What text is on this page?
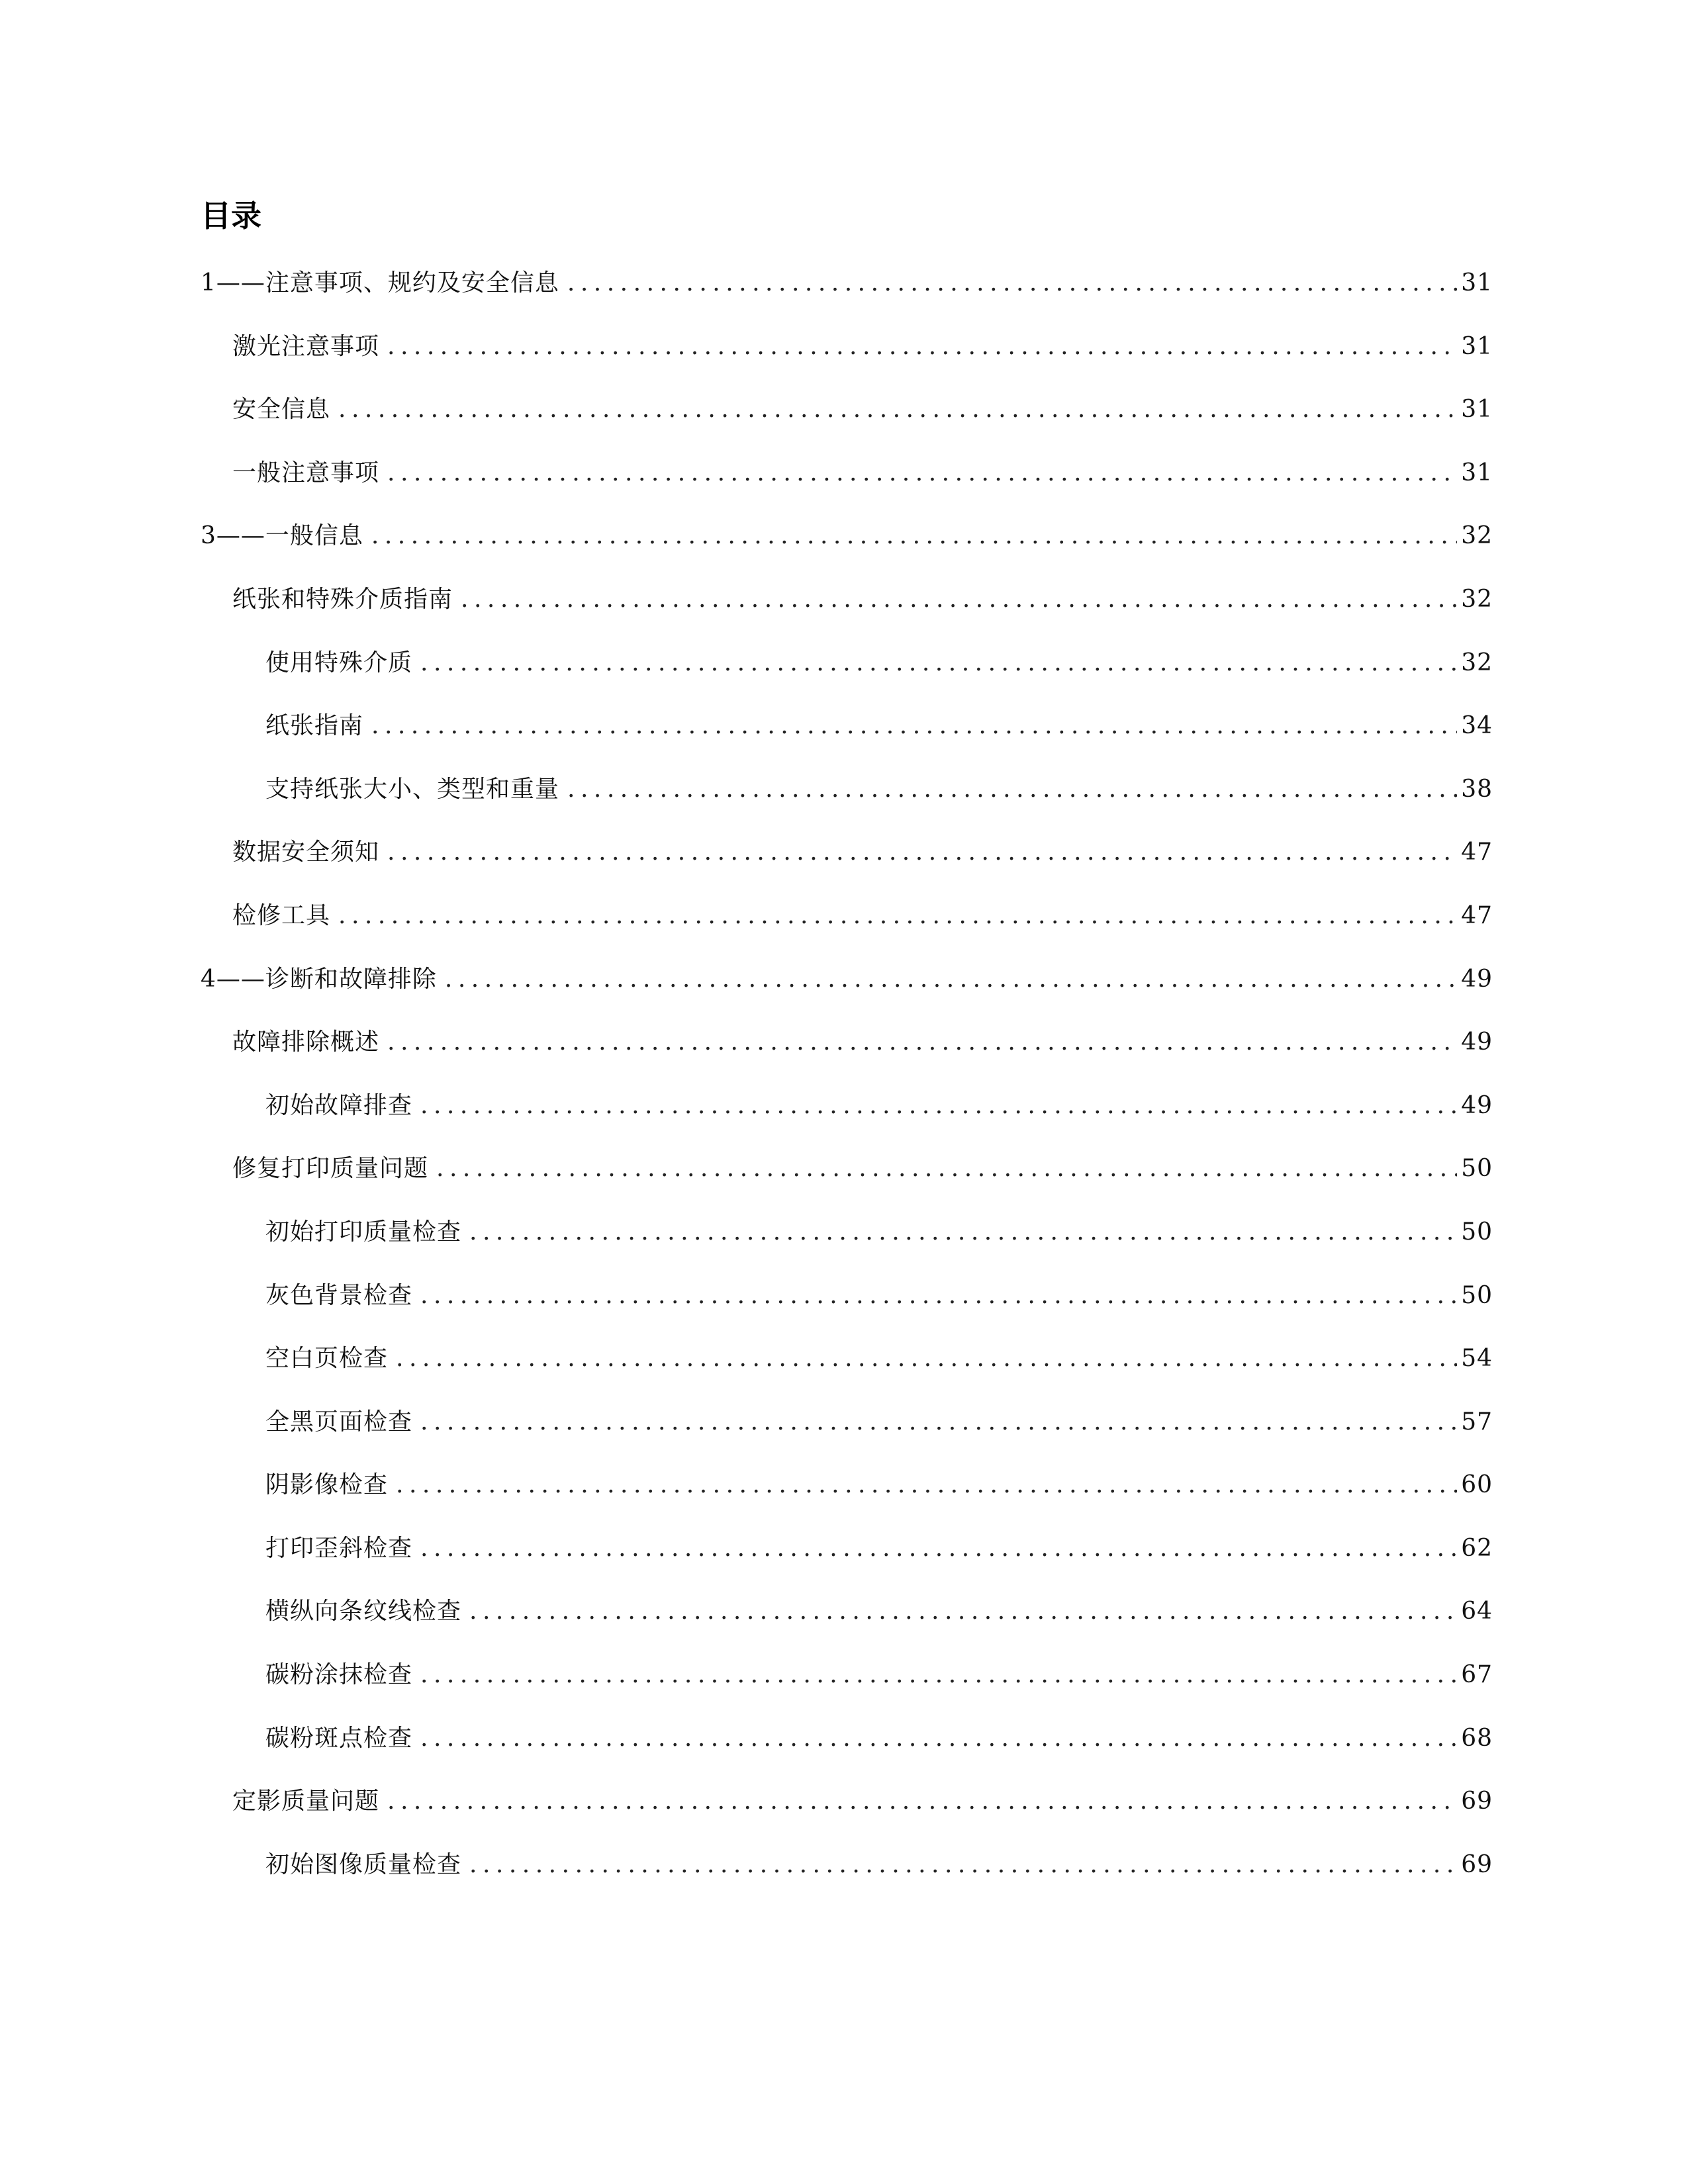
目录
1——注意事项、规约及安全信息 .....	31
激光注意事项 .....	31
安全信息 .....	31
一般注意事项 .....	31
3——一般信息 .....	32
纸张和特殊介质指南 .....	32
使用特殊介质 .....	32
纸张指南 .....	34
支持纸张大小、类型和重量 .....	38
数据安全须知 .....	47
检修工具 .....	47
4——诊断和故障排除 .....	49
故障排除概述 .....	49
初始故障排查 .....	49
修复打印质量问题 .....	50
初始打印质量检查 .....	50
灰色背景检查 .....	50
空白页检查 .....	54
全黑页面检查 .....	57
阴影像检查 .....	60
打印歪斜检查 .....	62
横纵向条纹线检查 .....	64
碳粉涂抹检查 .....	67
碳粉斑点检查 .....	68
定影质量问题 .....	69
初始图像质量检查 .....	69
